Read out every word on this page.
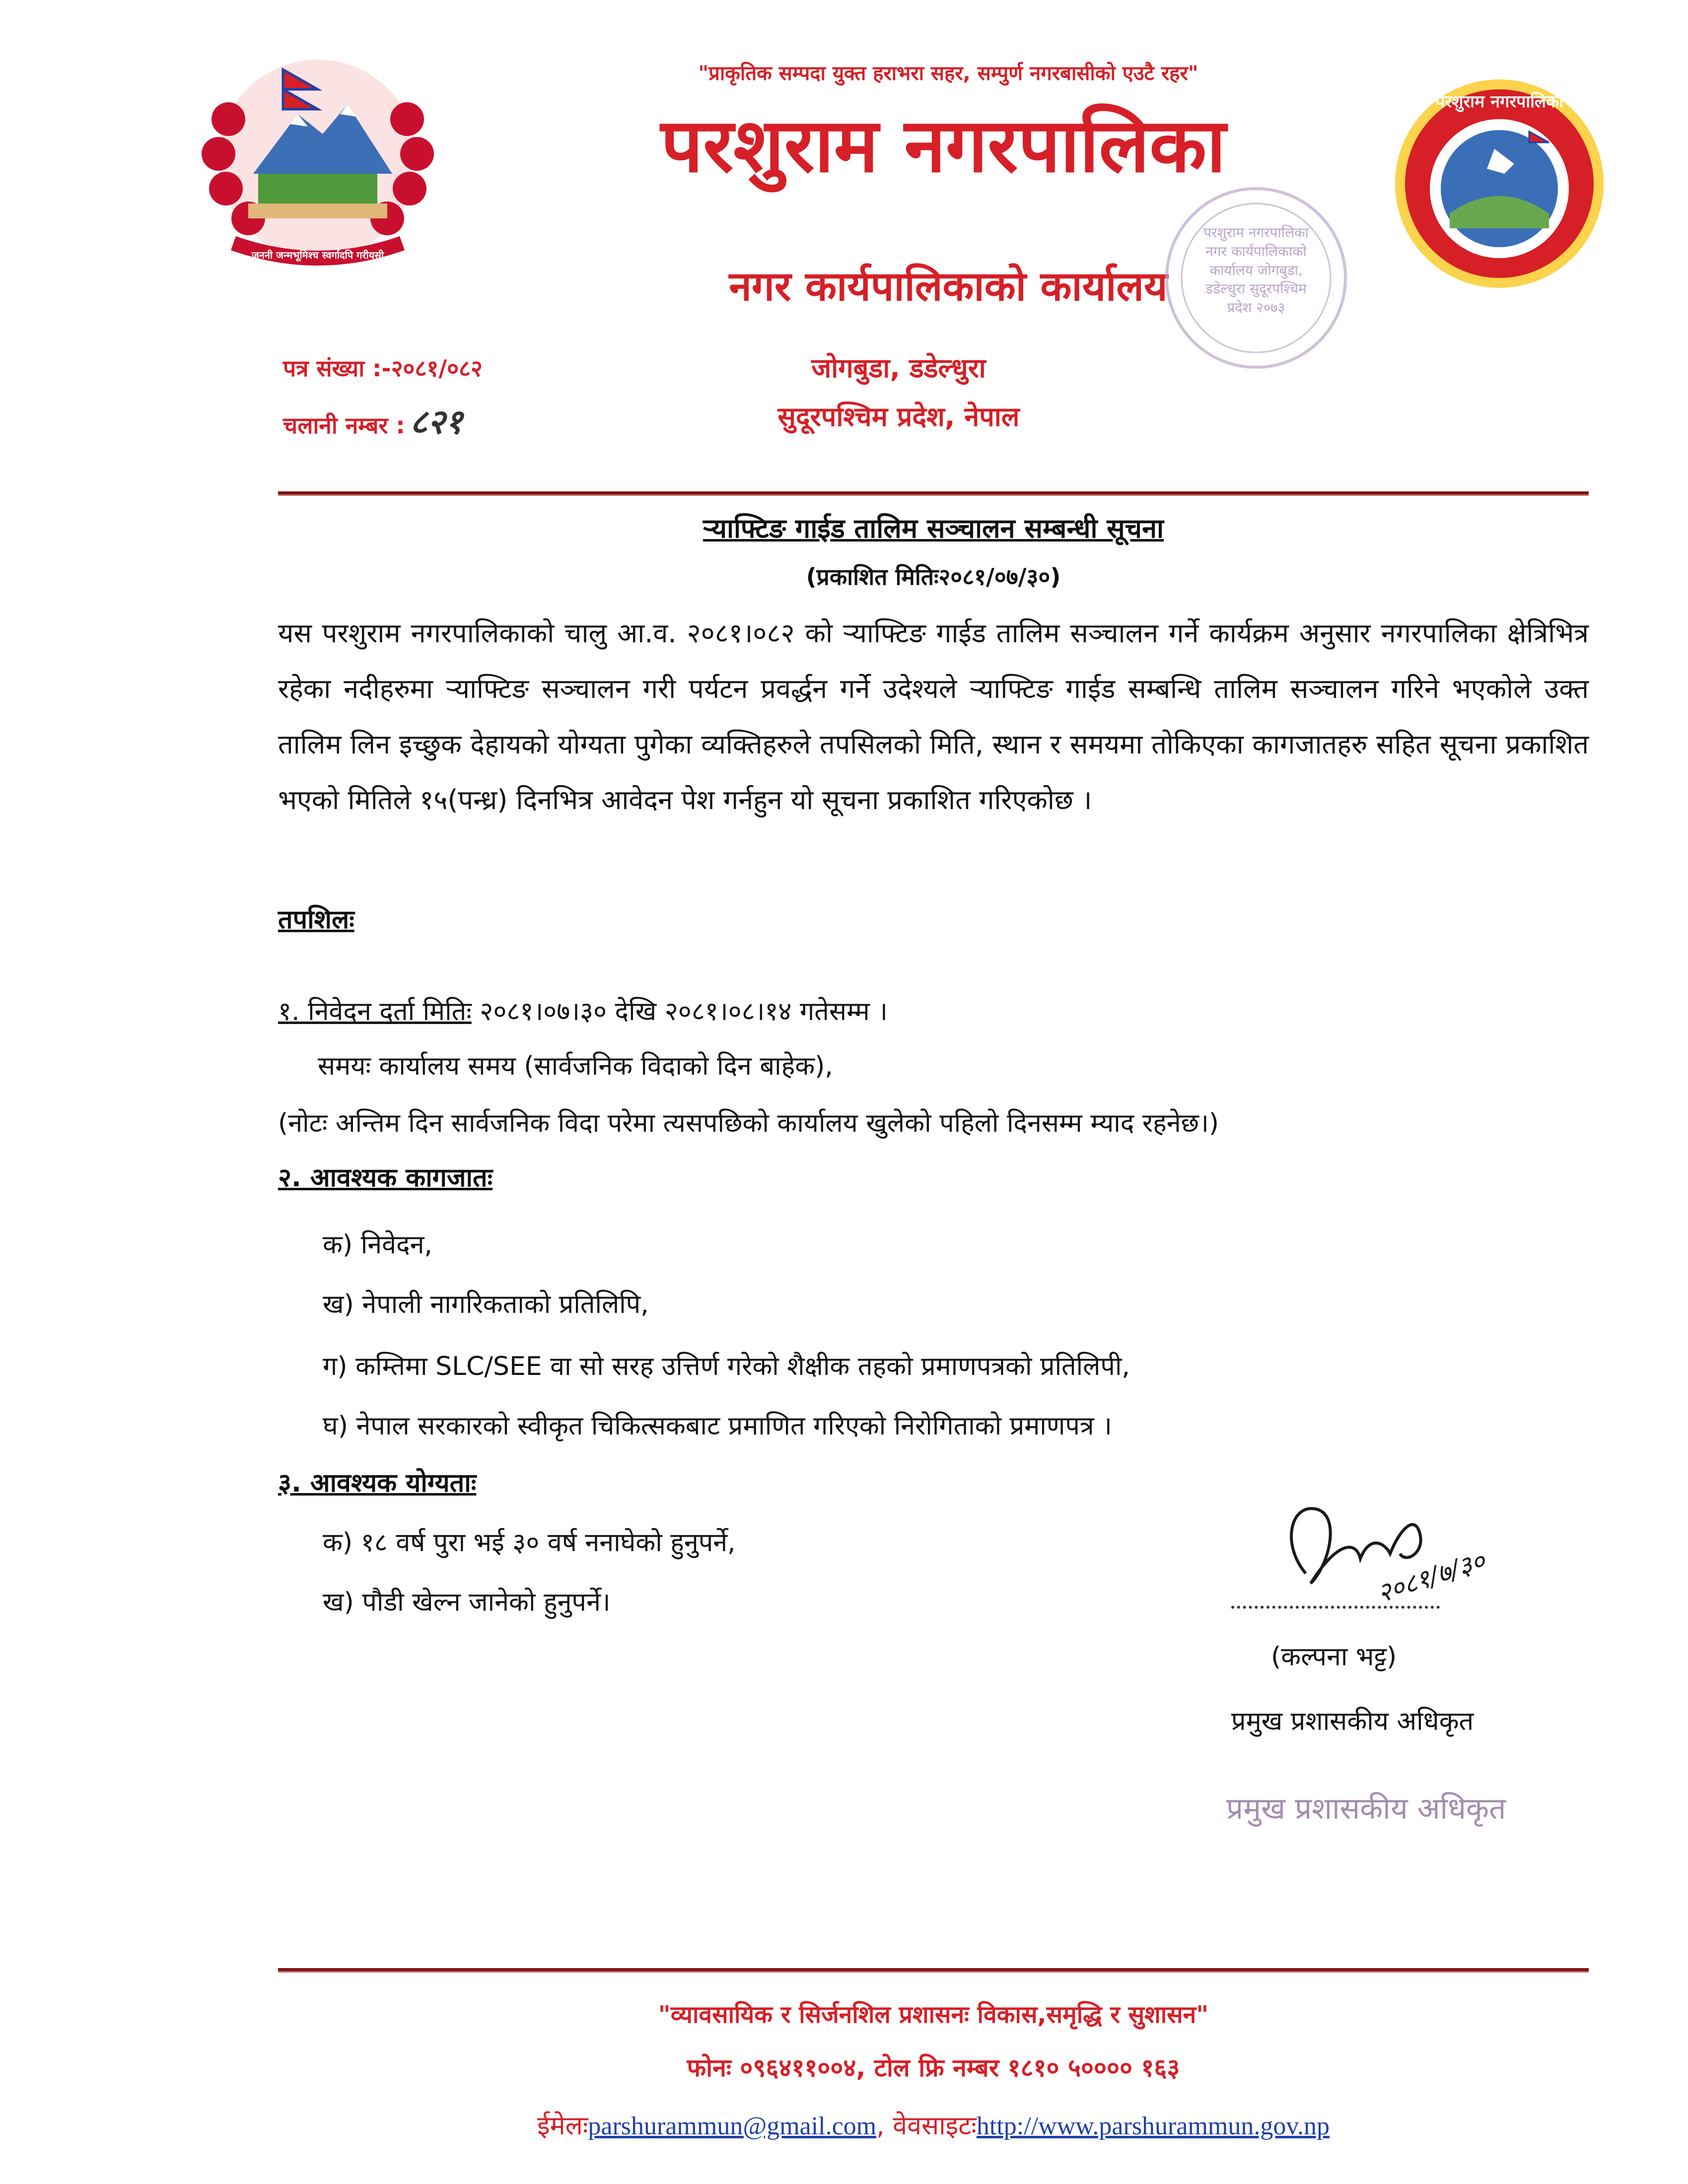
जननी जन्मभूमिश्च स्वर्गादपि गरीयसी
परशुराम नगरपालिका
"प्राकृतिक सम्पदा युक्त हराभरा सहर, सम्पुर्ण नगरबासीको एउटै रहर"
परशुराम नगरपालिका
नगर कार्यपालिकाको कार्यालय
परशुराम नगरपालिका नगर कार्यपालिकाको कार्यालय जोगबुडा, डडेल्धुरा सुदूरपश्चिम प्रदेश २०७३
पत्र संख्या :-२०८१/०८२
चलानी नम्बर : ८२१
जोगबुडा, डडेल्धुरा
सुदूरपश्चिम प्रदेश, नेपाल
र्‍याफ्टिङ गाईड तालिम सञ्चालन सम्बन्धी सूचना
(प्रकाशित मितिः२०८१/०७/३०)
यस परशुराम नगरपालिकाको चालु आ.व. २०८१।०८२ को र्‍याफ्टिङ गाईड तालिम सञ्चालन गर्ने कार्यक्रम अनुसार नगरपालिका क्षेत्रिभित्र रहेका नदीहरुमा र्‍याफ्टिङ सञ्चालन गरी पर्यटन प्रवर्द्धन गर्ने उदेश्यले र्‍याफ्टिङ गाईड सम्बन्धि तालिम सञ्चालन गरिने भएकोले उक्त तालिम लिन इच्छुक देहायको योग्यता पुगेका व्यक्तिहरुले तपसिलको मिति, स्थान र समयमा तोकिएका कागजातहरु सहित सूचना प्रकाशित भएको मितिले १५(पन्ध्र) दिनभित्र आवेदन पेश गर्नहुन यो सूचना प्रकाशित गरिएकोछ ।
तपशिलः
१. निवेदन दर्ता मितिः २०८१।०७।३० देखि २०८१।०८।१४ गतेसम्म ।
समयः कार्यालय समय (सार्वजनिक विदाको दिन बाहेक),
(नोटः अन्तिम दिन सार्वजनिक विदा परेमा त्यसपछिको कार्यालय खुलेको पहिलो दिनसम्म म्याद रहनेछ।)
२. आवश्यक कागजातः
क) निवेदन,
ख) नेपाली नागरिकताको प्रतिलिपि,
ग) कम्तिमा SLC/SEE वा सो सरह उत्तिर्ण गरेको शैक्षीक तहको प्रमाणपत्रको प्रतिलिपी,
घ) नेपाल सरकारको स्वीकृत चिकित्सकबाट प्रमाणित गरिएको निरोगिताको प्रमाणपत्र ।
३. आवश्यक योग्यताः
क) १८ वर्ष पुरा भई ३० वर्ष ननाघेको हुनुपर्ने,
ख) पौडी खेल्न जानेको हुनुपर्ने।	२०८१/७/३०
(कल्पना भट्ट)
प्रमुख प्रशासकीय अधिकृत
प्रमुख प्रशासकीय अधिकृत
"व्यावसायिक र सिर्जनशिल प्रशासनः विकास,समृद्धि र सुशासन"
फोनः ०९६४११००४, टोल फ्रि नम्बर १८१० ५०००० १६३
ईमेलःparshurammun@gmail.com, वेवसाइटःhttp://www.parshurammun.gov.np
